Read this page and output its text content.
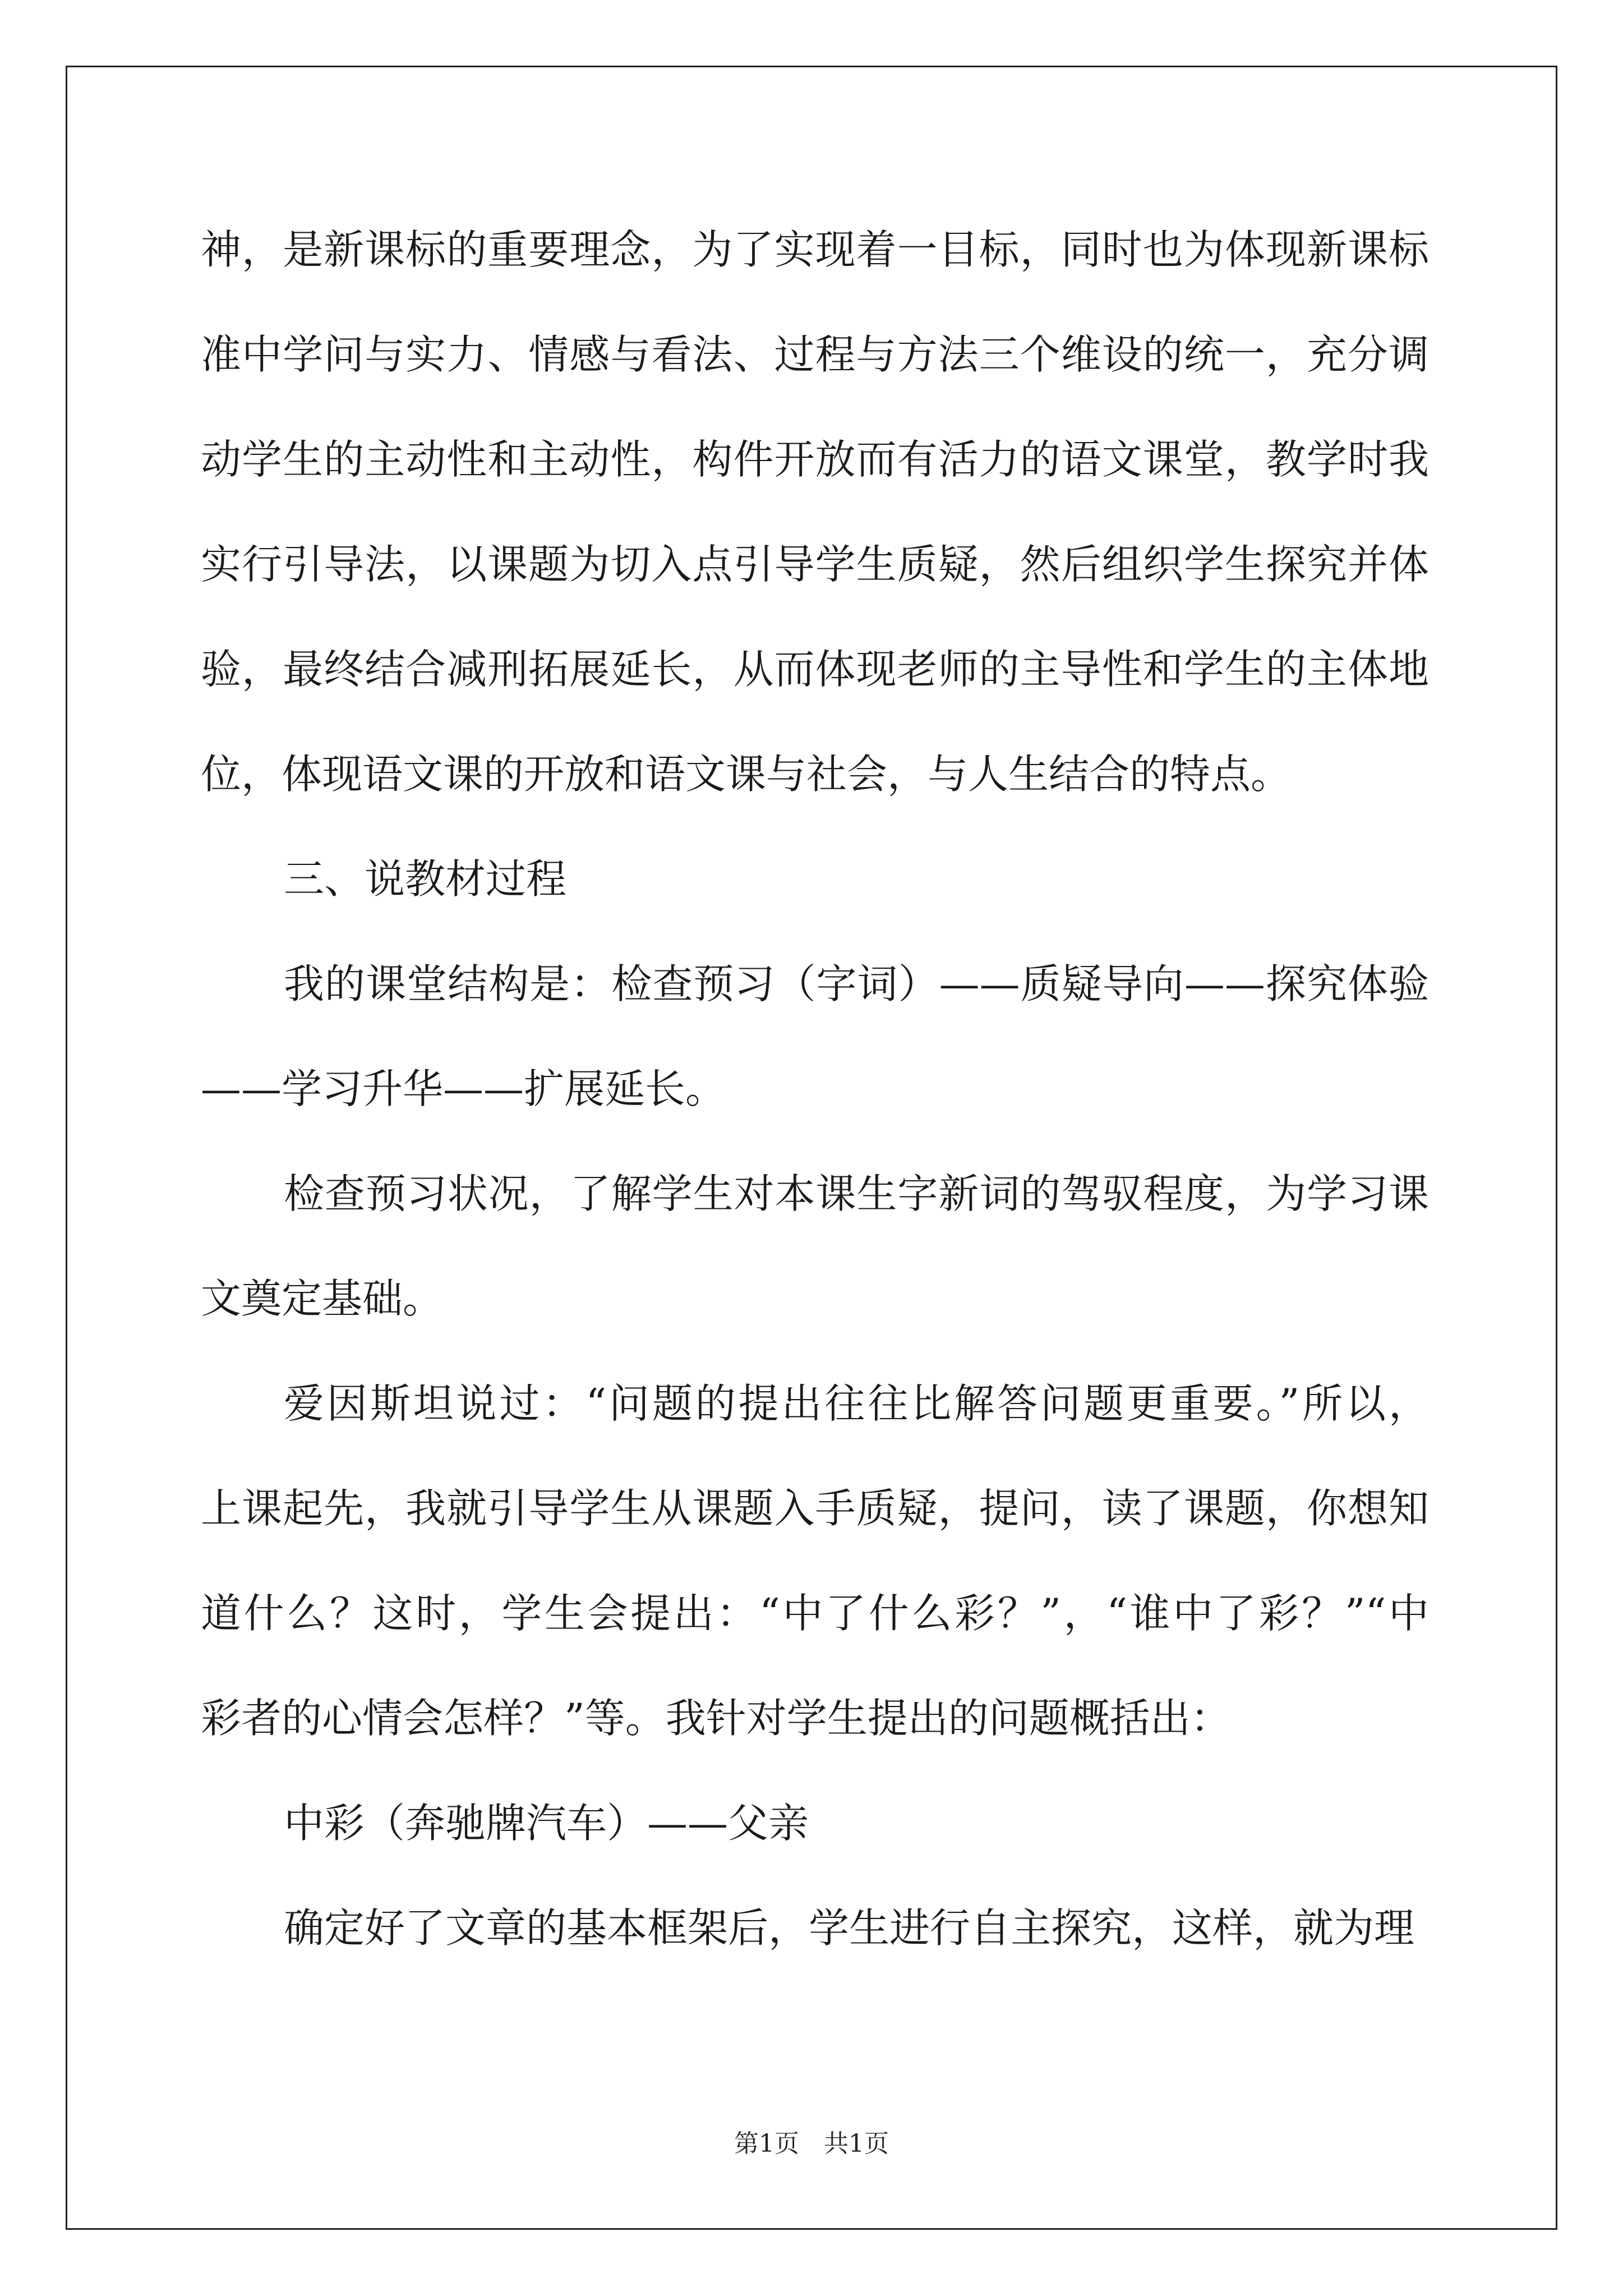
神，是新课标的重要理念，为了实现着一目标，同时也为体现新课标
准中学问与实力、情感与看法、过程与方法三个维设的统一，充分调
动学生的主动性和主动性，构件开放而有活力的语文课堂，教学时我
实行引导法，以课题为切入点引导学生质疑，然后组织学生探究并体
验，最终结合减刑拓展延长，从而体现老师的主导性和学生的主体地
位，体现语文课的开放和语文课与社会，与人生结合的特点。
三、说教材过程
我的课堂结构是：检查预习（字词）——质疑导向——探究体验
——学习升华——扩展延长。
检查预习状况，了解学生对本课生字新词的驾驭程度，为学习课
文奠定基础。
爱因斯坦说过：“问题的提出往往比解答问题更重要。”所以，
上课起先，我就引导学生从课题入手质疑，提问，读了课题，你想知
道什么？这时，学生会提出：“中了什么彩？”，“谁中了彩？”“中
彩者的心情会怎样？”等。我针对学生提出的问题概括出：
中彩（奔驰牌汽车）——父亲
确定好了文章的基本框架后，学生进行自主探究，这样，就为理
第1页　共1页
